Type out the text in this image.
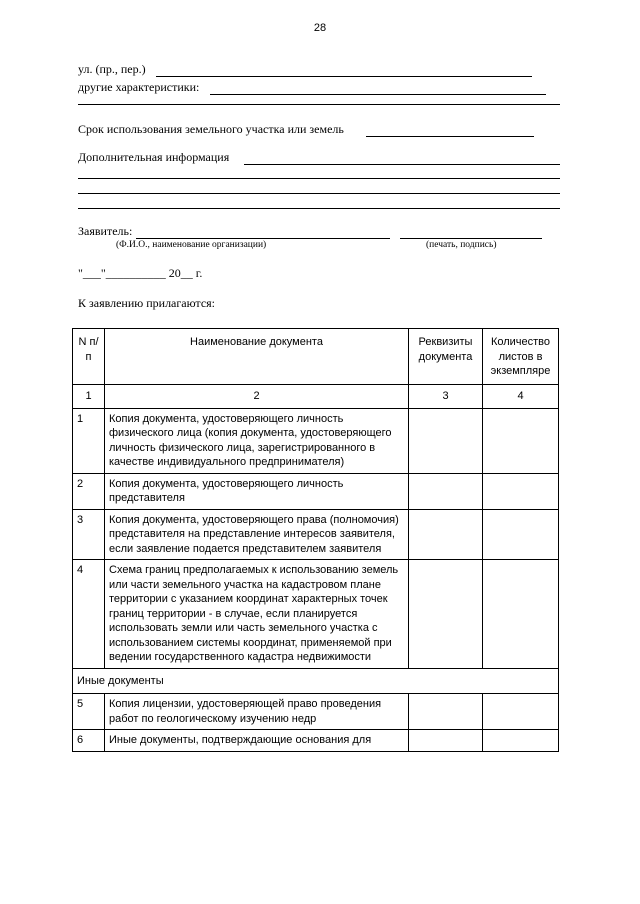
28
ул. (пр., пер.)
другие характеристики:
Срок использования земельного участка или земель
Дополнительная информация
Заявитель:
(Ф.И.О., наименование организации)	(печать, подпись)
"___"__________ 20__ г.
К заявлению прилагаются:
N п/п	Наименование документа	Реквизиты документа	Количество листов в экземпляре
1	2	3	4
1	Копия документа, удостоверяющего личность физического лица (копия документа, удостоверяющего личность физического лица, зарегистрированного в качестве индивидуального предпринимателя)		
2	Копия документа, удостоверяющего личность представителя		
3	Копия документа, удостоверяющего права (полномочия) представителя на представление интересов заявителя, если заявление подается представителем заявителя		
4	Схема границ предполагаемых к использованию земель или части земельного участка на кадастровом плане территории с указанием координат характерных точек границ территории - в случае, если планируется использовать земли или часть земельного участка с использованием системы координат, применяемой при ведении государственного кадастра недвижимости		
Иные документы			
5	Копия лицензии, удостоверяющей право проведения работ по геологическому изучению недр		
6	Иные документы, подтверждающие основания для		
